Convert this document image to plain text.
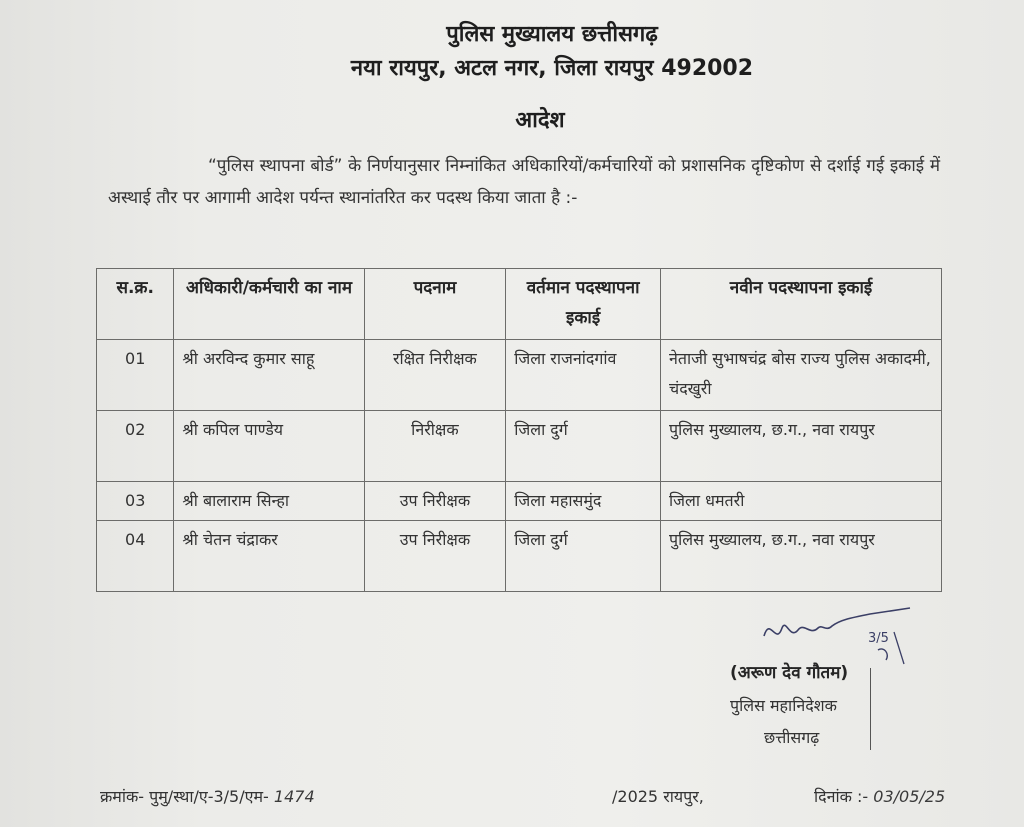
पुलिस मुख्यालय छत्तीसगढ़
नया रायपुर, अटल नगर, जिला रायपुर 492002
आदेश
“पुलिस स्थापना बोर्ड” के निर्णयानुसार निम्नांकित अधिकारियों/कर्मचारियों को प्रशासनिक दृष्टिकोण से दर्शाई गई इकाई में अस्थाई तौर पर आगामी आदेश पर्यन्त स्थानांतरित कर पदस्थ किया जाता है :-
स.क्र.	अधिकारी/कर्मचारी का नाम	पदनाम	वर्तमान पदस्थापना इकाई	नवीन पदस्थापना इकाई
01	श्री अरविन्द कुमार साहू	रक्षित निरीक्षक	जिला राजनांदगांव	नेताजी सुभाषचंद्र बोस राज्य पुलिस अकादमी, चंदखुरी
02	श्री कपिल पाण्डेय	निरीक्षक	जिला दुर्ग	पुलिस मुख्यालय, छ.ग., नवा रायपुर
03	श्री बालाराम सिन्हा	उप निरीक्षक	जिला महासमुंद	जिला धमतरी
04	श्री चेतन चंद्राकर	उप निरीक्षक	जिला दुर्ग	पुलिस मुख्यालय, छ.ग., नवा रायपुर
3/5
(अरूण देव गौतम)
पुलिस महानिदेशक
छत्तीसगढ़
क्रमांक- पुमु/स्था/ए-3/5/एम- 1474	/2025 रायपुर,	दिनांक :- 03/05/25
